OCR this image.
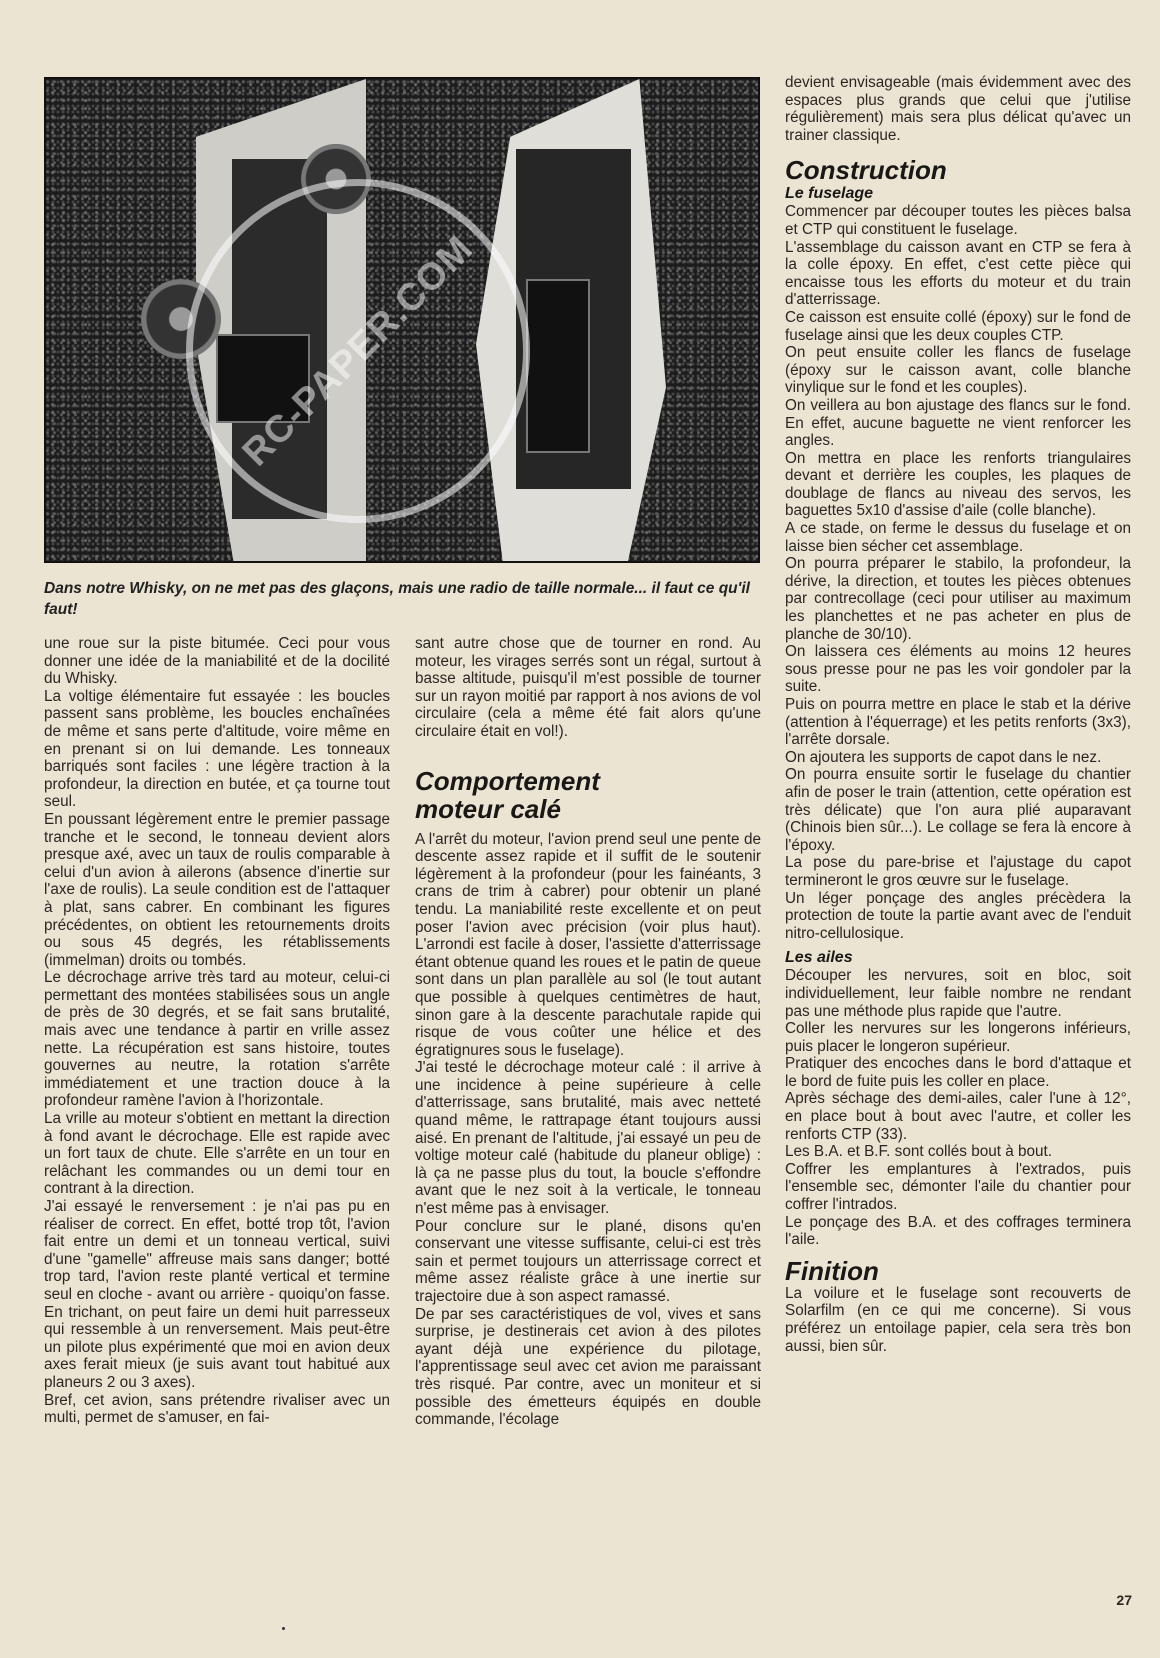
RC-PAPER.COM
Dans notre Whisky, on ne met pas des glaçons, mais une radio de taille normale... il faut ce qu'il faut!

une roue sur la piste bitumée. Ceci pour vous donner une idée de la maniabilité et de la docilité du Whisky.

La voltige élémentaire fut essayée : les boucles passent sans problème, les boucles enchaînées de même et sans perte d'altitude, voire même en en prenant si on lui demande. Les tonneaux barriqués sont faciles : une légère traction à la profondeur, la direction en butée, et ça tourne tout seul.

En poussant légèrement entre le premier passage tranche et le second, le tonneau devient alors presque axé, avec un taux de roulis comparable à celui d'un avion à ailerons (absence d'inertie sur l'axe de roulis). La seule condition est de l'attaquer à plat, sans cabrer. En combinant les figures précédentes, on obtient les retournements droits ou sous 45 degrés, les rétablissements (immelman) droits ou tombés.

Le décrochage arrive très tard au moteur, celui-ci permettant des montées stabilisées sous un angle de près de 30 degrés, et se fait sans brutalité, mais avec une tendance à partir en vrille assez nette. La récupération est sans histoire, toutes gouvernes au neutre, la rotation s'arrête immédiatement et une traction douce à la profondeur ramène l'avion à l'horizontale.

La vrille au moteur s'obtient en mettant la direction à fond avant le décrochage. Elle est rapide avec un fort taux de chute. Elle s'arrête en un tour en relâchant les commandes ou un demi tour en contrant à la direction.

J'ai essayé le renversement : je n'ai pas pu en réaliser de correct. En effet, botté trop tôt, l'avion fait entre un demi et un tonneau vertical, suivi d'une "gamelle" affreuse mais sans danger; botté trop tard, l'avion reste planté vertical et termine seul en cloche - avant ou arrière - quoiqu'on fasse. En trichant, on peut faire un demi huit parresseux qui ressemble à un renversement. Mais peut-être un pilote plus expérimenté que moi en avion deux axes ferait mieux (je suis avant tout habitué aux planeurs 2 ou 3 axes).

Bref, cet avion, sans prétendre rivaliser avec un multi, permet de s'amuser, en fai-

sant autre chose que de tourner en rond. Au moteur, les virages serrés sont un régal, surtout à basse altitude, puisqu'il m'est possible de tourner sur un rayon moitié par rapport à nos avions de vol circulaire (cela a même été fait alors qu'une circulaire était en vol!).

Comportement

moteur calé

A l'arrêt du moteur, l'avion prend seul une pente de descente assez rapide et il suffit de le soutenir légèrement à la profondeur (pour les fainéants, 3 crans de trim à cabrer) pour obtenir un plané tendu. La maniabilité reste excellente et on peut poser l'avion avec précision (voir plus haut). L'arrondi est facile à doser, l'assiette d'atterrissage étant obtenue quand les roues et le patin de queue sont dans un plan parallèle au sol (le tout autant que possible à quelques centimètres de haut, sinon gare à la descente parachutale rapide qui risque de vous coûter une hélice et des égratignures sous le fuselage).

J'ai testé le décrochage moteur calé : il arrive à une incidence à peine supérieure à celle d'atterrissage, sans brutalité, mais avec netteté quand même, le rattrapage étant toujours aussi aisé. En prenant de l'altitude, j'ai essayé un peu de voltige moteur calé (habitude du planeur oblige) : là ça ne passe plus du tout, la boucle s'effondre avant que le nez soit à la verticale, le tonneau n'est même pas à envisager.

Pour conclure sur le plané, disons qu'en conservant une vitesse suffisante, celui-ci est très sain et permet toujours un atterrissage correct et même assez réaliste grâce à une inertie sur trajectoire due à son aspect ramassé.

De par ses caractéristiques de vol, vives et sans surprise, je destinerais cet avion à des pilotes ayant déjà une expérience du pilotage, l'apprentissage seul avec cet avion me paraissant très risqué. Par contre, avec un moniteur et si possible des émetteurs équipés en double commande, l'écolage

devient envisageable (mais évidemment avec des espaces plus grands que celui que j'utilise régulièrement) mais sera plus délicat qu'avec un trainer classique.

Construction

Le fuselage

Commencer par découper toutes les pièces balsa et CTP qui constituent le fuselage.

L'assemblage du caisson avant en CTP se fera à la colle époxy. En effet, c'est cette pièce qui encaisse tous les efforts du moteur et du train d'atterrissage.

Ce caisson est ensuite collé (époxy) sur le fond de fuselage ainsi que les deux couples CTP.

On peut ensuite coller les flancs de fuselage (époxy sur le caisson avant, colle blanche vinylique sur le fond et les couples).

On veillera au bon ajustage des flancs sur le fond. En effet, aucune baguette ne vient renforcer les angles.

On mettra en place les renforts triangulaires devant et derrière les couples, les plaques de doublage de flancs au niveau des servos, les baguettes 5x10 d'assise d'aile (colle blanche).

A ce stade, on ferme le dessus du fuselage et on laisse bien sécher cet assemblage.

On pourra préparer le stabilo, la profondeur, la dérive, la direction, et toutes les pièces obtenues par contrecollage (ceci pour utiliser au maximum les planchettes et ne pas acheter en plus de planche de 30/10).

On laissera ces éléments au moins 12 heures sous presse pour ne pas les voir gondoler par la suite.

Puis on pourra mettre en place le stab et la dérive (attention à l'équerrage) et les petits renforts (3x3), l'arrête dorsale.

On ajoutera les supports de capot dans le nez.

On pourra ensuite sortir le fuselage du chantier afin de poser le train (attention, cette opération est très délicate) que l'on aura plié auparavant (Chinois bien sûr...). Le collage se fera là encore à l'époxy.

La pose du pare-brise et l'ajustage du capot termineront le gros œuvre sur le fuselage.

Un léger ponçage des angles précèdera la protection de toute la partie avant avec de l'enduit nitro-cellulosique.

Les ailes

Découper les nervures, soit en bloc, soit individuellement, leur faible nombre ne rendant pas une méthode plus rapide que l'autre.

Coller les nervures sur les longerons inférieurs, puis placer le longeron supérieur.

Pratiquer des encoches dans le bord d'attaque et le bord de fuite puis les coller en place.

Après séchage des demi-ailes, caler l'une à 12°, en place bout à bout avec l'autre, et coller les renforts CTP (33).

Les B.A. et B.F. sont collés bout à bout.

Coffrer les emplantures à l'extrados, puis l'ensemble sec, démonter l'aile du chantier pour coffrer l'intrados.

Le ponçage des B.A. et des coffrages terminera l'aile.

Finition

La voilure et le fuselage sont recouverts de Solarfilm (en ce qui me concerne). Si vous préférez un entoilage papier, cela sera très bon aussi, bien sûr.

27
